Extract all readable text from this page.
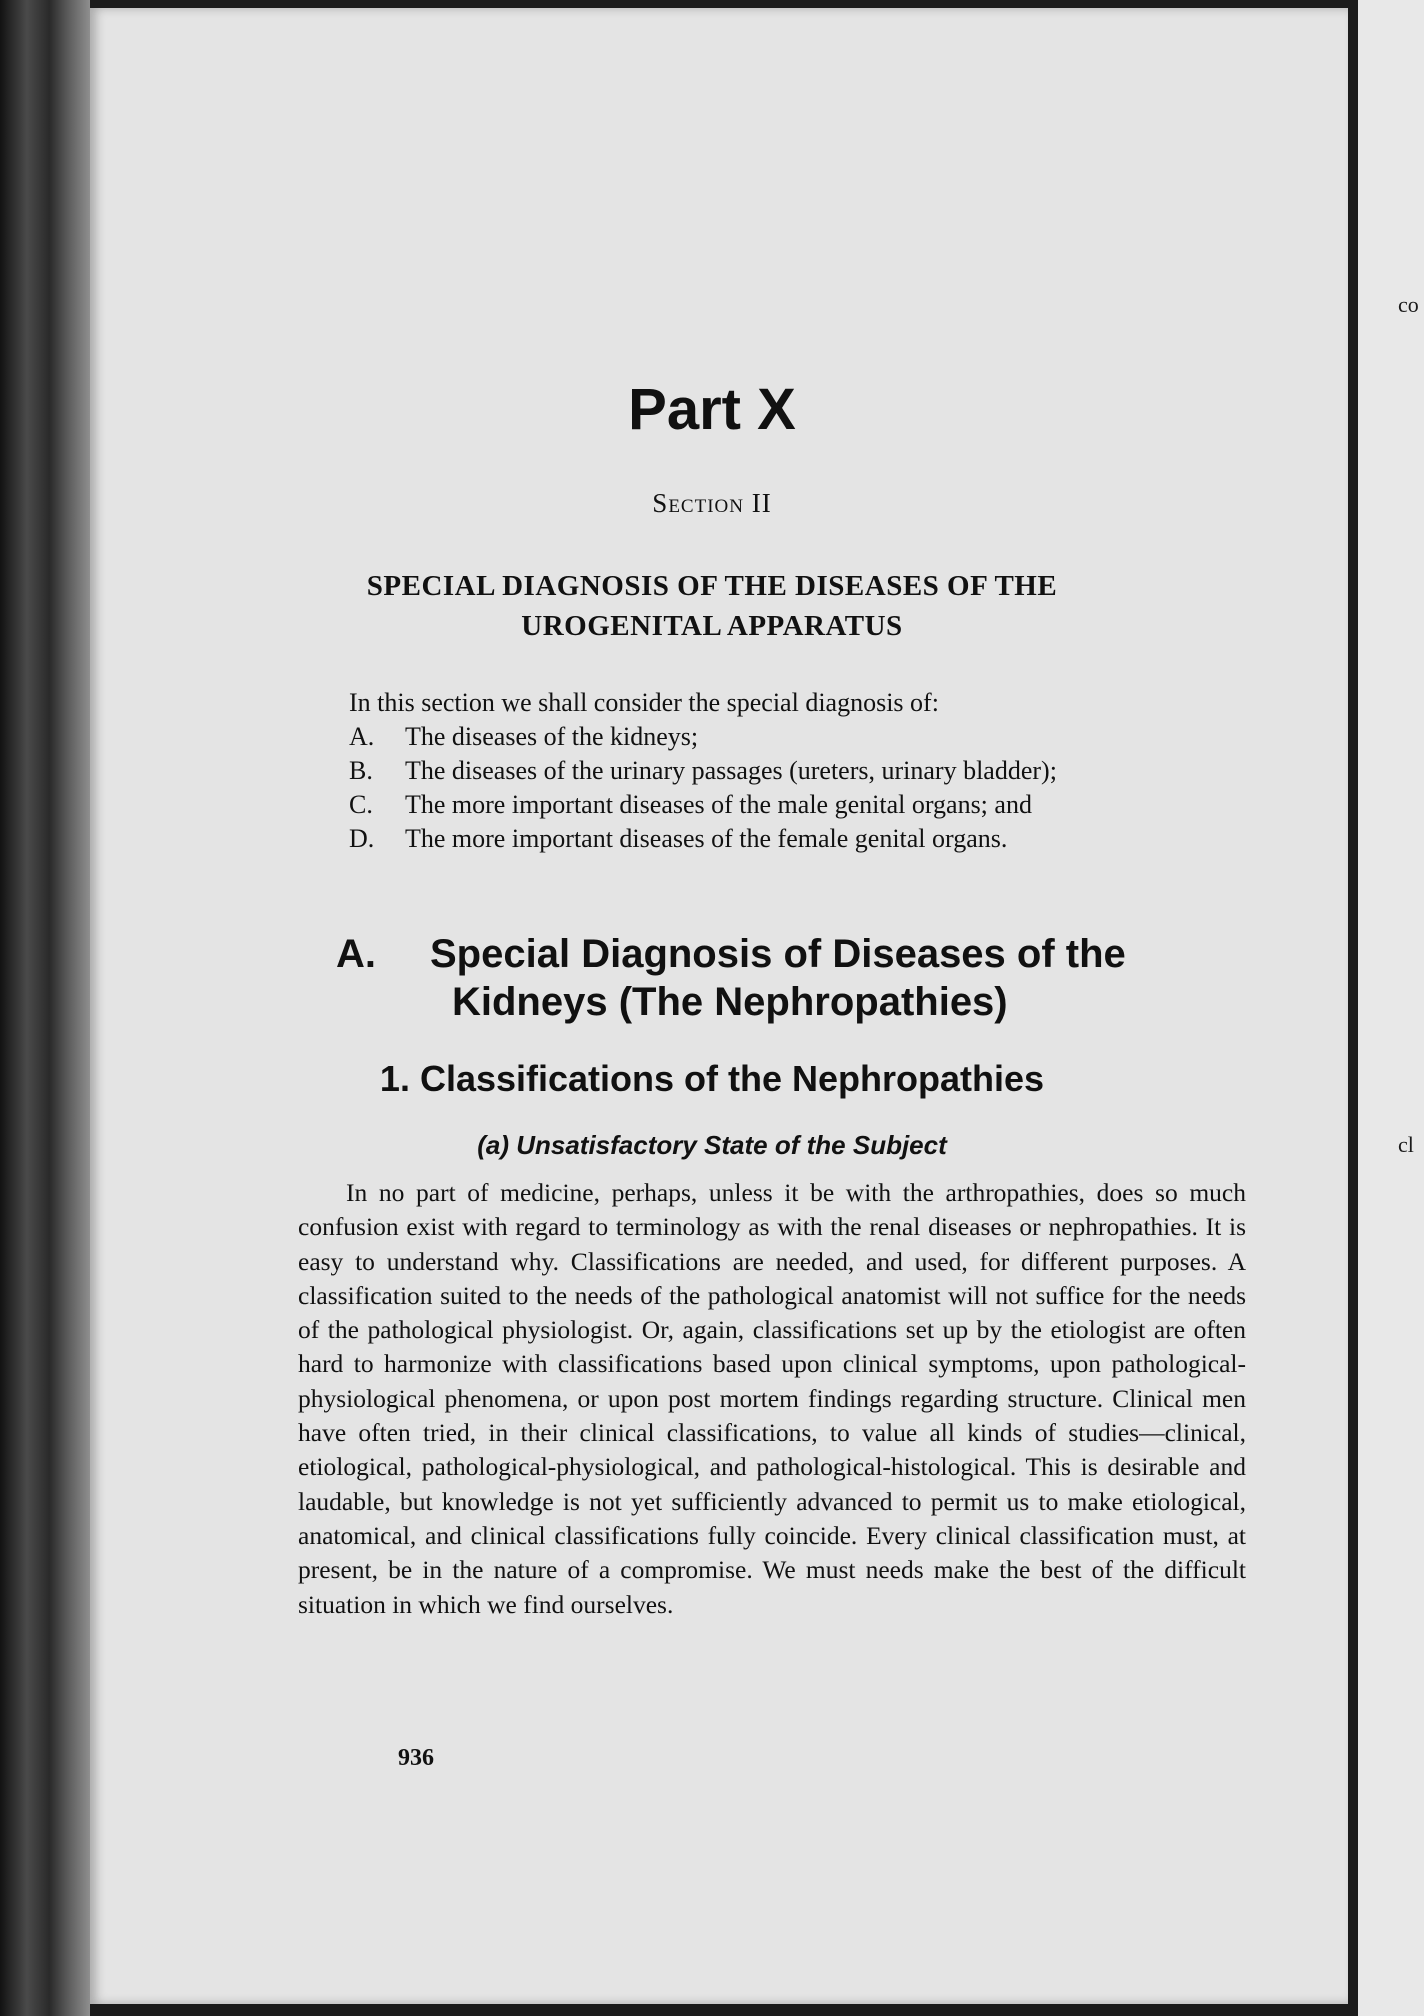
co
cl
Part X

Section II

SPECIAL DIAGNOSIS OF THE DISEASES OF THE
UROGENITAL APPARATUS

In this section we shall consider the special diagnosis of:

A.	The diseases of the kidneys;
B.	The diseases of the urinary passages (ureters, urinary bladder);
C.	The more important diseases of the male genital organs; and
D.	The more important diseases of the female genital organs.
A. Special Diagnosis of Diseases of the
Kidneys (The Nephropathies)
1. Classifications of the Nephropathies
(a) Unsatisfactory State of the Subject

In no part of medicine, perhaps, unless it be with the arthropathies, does so much confusion exist with regard to terminology as with the renal diseases or nephropathies. It is easy to understand why. Classifications are needed, and used, for different purposes. A classification suited to the needs of the pathological anatomist will not suffice for the needs of the pathological physiologist. Or, again, classifications set up by the etiologist are often hard to harmonize with classifications based upon clinical symptoms, upon pathological-physiological phenomena, or upon post mortem findings regarding structure. Clinical men have often tried, in their clinical classifications, to value all kinds of studies—clinical, etiological, pathological-physiological, and pathological-histological. This is desirable and laudable, but knowledge is not yet sufficiently advanced to permit us to make etiological, anatomical, and clinical classifications fully coincide. Every clinical classification must, at present, be in the nature of a compromise. We must needs make the best of the difficult situation in which we find ourselves.

936
